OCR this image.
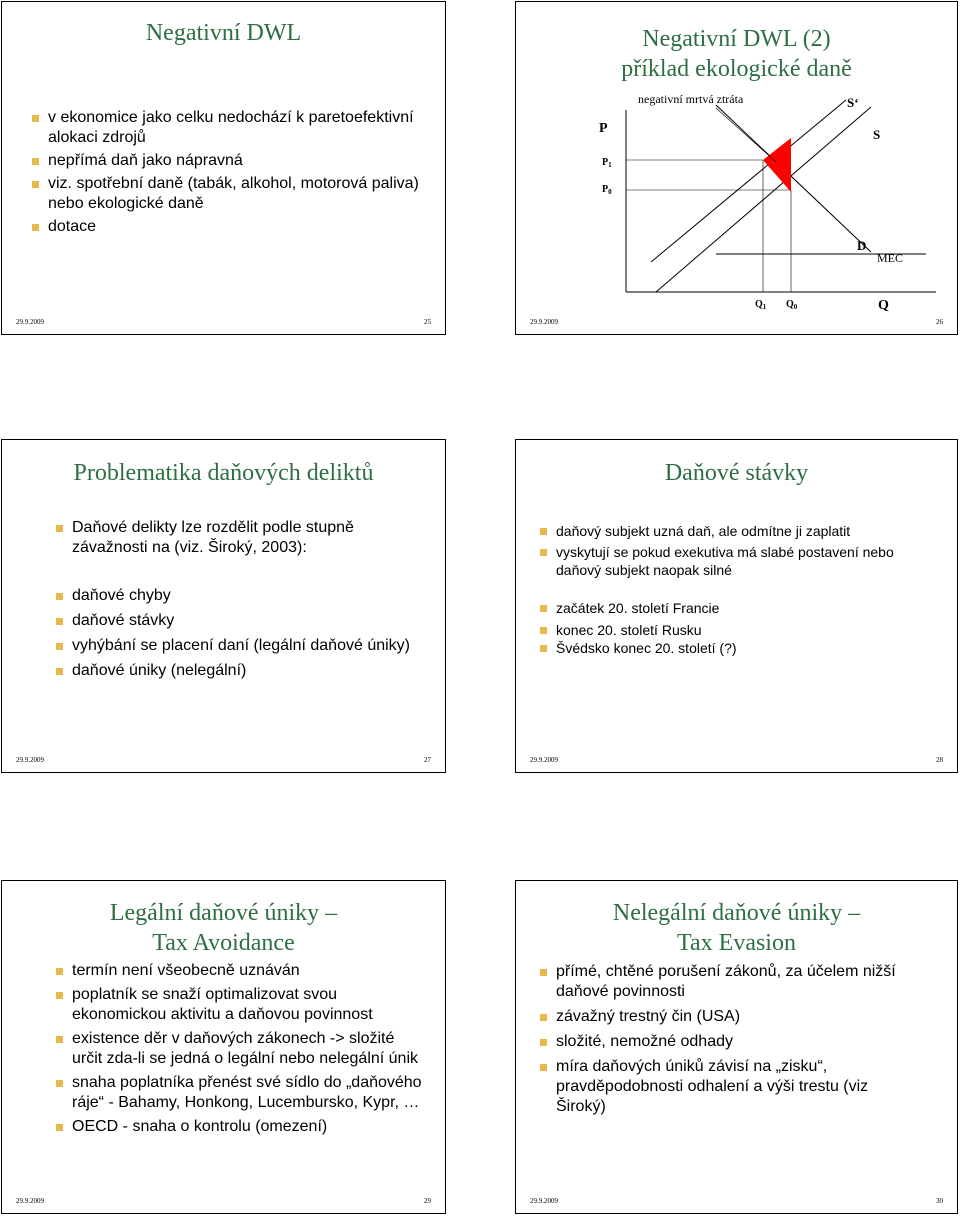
Negativní DWL
v ekonomice jako celku nedochází k paretoefektivní alokaci zdrojů
nepřímá daň jako nápravná
viz. spotřební daně (tabák, alkohol, motorová paliva) nebo ekologické daně
dotace
29.9.2009	25
Negativní DWL (2)
příklad ekologické daně
negativní mrtvá ztráta
P
$P_1$
$P_0$
S‘
S
D
MEC
$Q_1$ $Q_0$	Q
29.9.2009	26
Problematika daňových deliktů
Daňové delikty lze rozdělit podle stupně závažnosti na (viz. Široký, 2003):
daňové chyby
daňové stávky
vyhýbání se placení daní (legální daňové úniky)
daňové úniky (nelegální)
29.9.2009	27
Daňové stávky
daňový subjekt uzná daň, ale odmítne ji zaplatit
vyskytují se pokud exekutiva má slabé postavení nebo daňový subjekt naopak silné
začátek 20. století Francie
konec 20. století Rusku
Švédsko konec 20. století (?)
29.9.2009	28
Legální daňové úniky –
Tax Avoidance
termín není všeobecně uznáván
poplatník se snaží optimalizovat svou ekonomickou aktivitu a daňovou povinnost
existence děr v daňových zákonech -> složité určit zda-li se jedná o legální nebo nelegální únik
snaha poplatníka přenést své sídlo do „daňového ráje“ - Bahamy, Honkong, Lucembursko, Kypr, …
OECD - snaha o kontrolu (omezení)
29.9.2009	29
Nelegální daňové úniky –
Tax Evasion
přímé, chtěné porušení zákonů, za účelem nižší daňové povinnosti
závažný trestný čin (USA)
složité, nemožné odhady
míra daňových úniků závisí na „zisku“, pravděpodobnosti odhalení a výši trestu (viz Široký)
29.9.2009	30
